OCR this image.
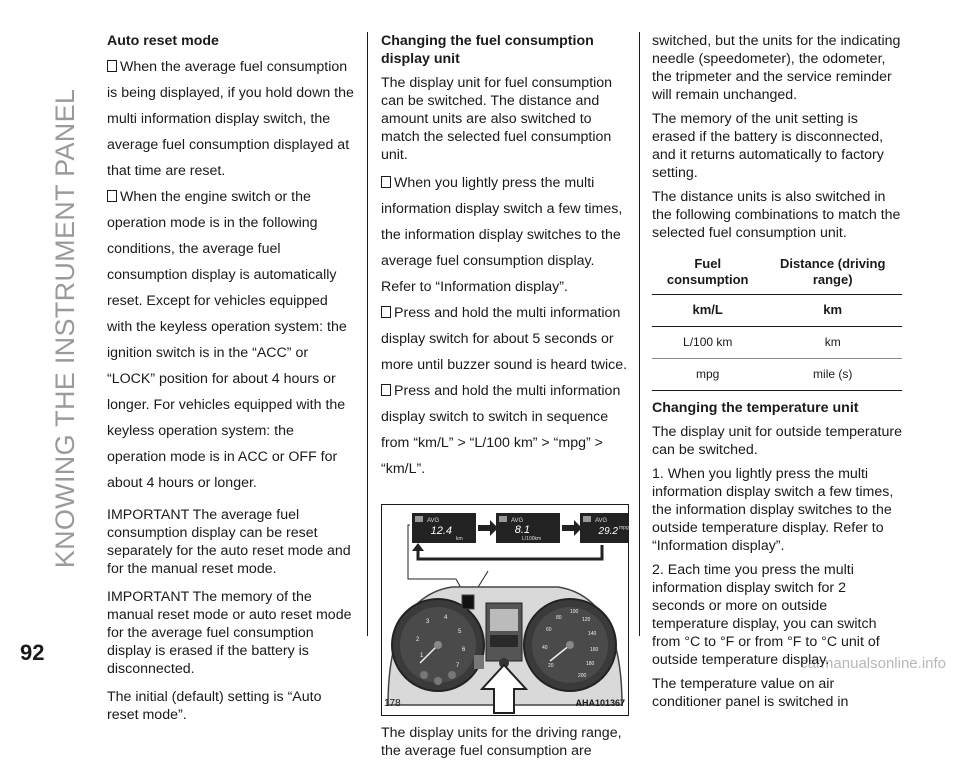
KNOWING THE INSTRUMENT PANEL
92	carmanualsonline.info
Auto reset mode

When the average fuel consumption is being displayed, if you hold down the multi information display switch, the average fuel consumption displayed at that time are reset.

When the engine switch or the operation mode is in the following conditions, the average fuel consumption display is automatically reset. Except for vehicles equipped with the keyless operation system: the ignition switch is in the “ACC” or “LOCK” position for about 4 hours or longer. For vehicles equipped with the keyless operation system: the operation mode is in ACC or OFF for about 4 hours or longer.

IMPORTANT The average fuel consumption display can be reset separately for the auto reset mode and for the manual reset mode.

IMPORTANT The memory of the manual reset mode or auto reset mode for the average fuel consumption display is erased if the battery is disconnected.

The initial (default) setting is “Auto reset mode”.

Changing the fuel consumption display unit

The display unit for fuel consumption can be switched. The distance and amount units are also switched to match the selected fuel consumption unit.

When you lightly press the multi information display switch a few times, the information display switches to the average fuel consumption display. Refer to “Information display”.

Press and hold the multi information display switch for about 5 seconds or more until buzzer sound is heard twice.

Press and hold the multi information display switch to switch in sequence from “km/L” > “L/100 km” > “mpg” > “km/L”.

AVG
12.4
km
AVG
8.1
L/100km
AVG
29.2 mpg
1
2
3
4
5
6
7	20
40
60
80
100
120
140
160
180
200
178	AHA101367

The display units for the driving range, the average fuel consumption are

switched, but the units for the indicating needle (speedometer), the odometer, the tripmeter and the service reminder will remain unchanged.

The memory of the unit setting is erased if the battery is disconnected, and it returns automatically to factory setting.

The distance units is also switched in the following combinations to match the selected fuel consumption unit.

Fuel consumption	Distance (driving range)
km/L	km
L/100 km	km
mpg	mile (s)
Changing the temperature unit

The display unit for outside temperature can be switched.

1. When you lightly press the multi information display switch a few times, the information display switches to the outside temperature display. Refer to “Information display”.

2. Each time you press the multi information display switch for 2 seconds or more on outside temperature display, you can switch from °C to °F or from °F to °C unit of outside temperature display.

The temperature value on air conditioner panel is switched in
